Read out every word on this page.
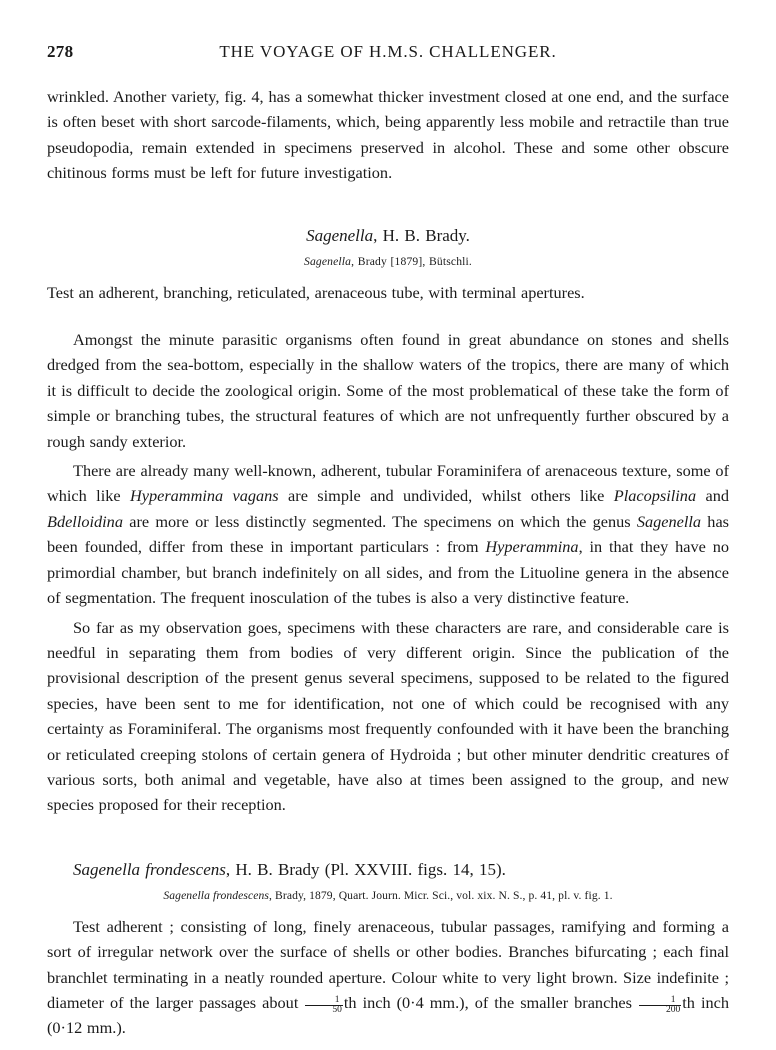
278	THE VOYAGE OF H.M.S. CHALLENGER.

wrinkled. Another variety, fig. 4, has a somewhat thicker investment closed at one end, and the surface is often beset with short sarcode-filaments, which, being apparently less mobile and retractile than true pseudopodia, remain extended in specimens preserved in alcohol. These and some other obscure chitinous forms must be left for future investigation.

Sagenella, H. B. Brady.
Sagenella, Brady [1879], Bütschli.

Test an adherent, branching, reticulated, arenaceous tube, with terminal apertures.

Amongst the minute parasitic organisms often found in great abundance on stones and shells dredged from the sea-bottom, especially in the shallow waters of the tropics, there are many of which it is difficult to decide the zoological origin. Some of the most problematical of these take the form of simple or branching tubes, the structural features of which are not unfrequently further obscured by a rough sandy exterior.

There are already many well-known, adherent, tubular Foraminifera of arenaceous texture, some of which like Hyperammina vagans are simple and undivided, whilst others like Placopsilina and Bdelloidina are more or less distinctly segmented. The specimens on which the genus Sagenella has been founded, differ from these in important particulars : from Hyperammina, in that they have no primordial chamber, but branch indefinitely on all sides, and from the Lituoline genera in the absence of segmentation. The frequent inosculation of the tubes is also a very distinctive feature.

So far as my observation goes, specimens with these characters are rare, and considerable care is needful in separating them from bodies of very different origin. Since the publication of the provisional description of the present genus several specimens, supposed to be related to the figured species, have been sent to me for identification, not one of which could be recognised with any certainty as Foraminiferal. The organisms most frequently confounded with it have been the branching or reticulated creeping stolons of certain genera of Hydroida ; but other minuter dendritic creatures of various sorts, both animal and vegetable, have also at times been assigned to the group, and new species proposed for their reception.

Sagenella frondescens, H. B. Brady (Pl. XXVIII. figs. 14, 15).
Sagenella frondescens, Brady, 1879, Quart. Journ. Micr. Sci., vol. xix. N. S., p. 41, pl. v. fig. 1.

Test adherent ; consisting of long, finely arenaceous, tubular passages, ramifying and forming a sort of irregular network over the surface of shells or other bodies. Branches bifurcating ; each final branchlet terminating in a neatly rounded aperture. Colour white to very light brown. Size indefinite ; diameter of the larger passages about $\frac{1}{50}$ th inch (0·4 mm.), of the smaller branches $\frac{1}{200}$ th inch (0·12 mm.).
